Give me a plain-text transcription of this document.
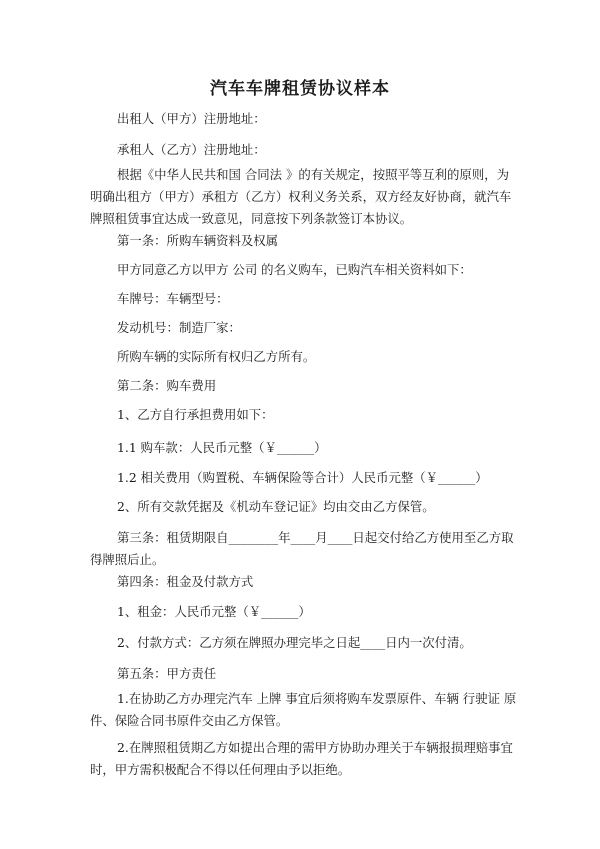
汽车车牌租赁协议样本
出租人（甲方）注册地址：
承租人（乙方）注册地址：
根据《中华人民共和国 合同法 》的有关规定，按照平等互利的原则，为明确出租方（甲方）承租方（乙方）权利义务关系，双方经友好协商，就汽车牌照租赁事宜达成一致意见，同意按下列条款签订本协议。
第一条：所购车辆资料及权属
甲方同意乙方以甲方 公司 的名义购车，已购汽车相关资料如下：
车牌号：车辆型号：
发动机号：制造厂家：
所购车辆的实际所有权归乙方所有。
第二条：购车费用
1、乙方自行承担费用如下：
1.1 购车款：人民币元整（￥______）
1.2 相关费用（购置税、车辆保险等合计）人民币元整（￥______）
2、所有交款凭据及《机动车登记证》均由交由乙方保管。
第三条：租赁期限自________年____月____日起交付给乙方使用至乙方取得牌照后止。
第四条：租金及付款方式
1、租金：人民币元整（￥______）
2、付款方式：乙方须在牌照办理完毕之日起____日内一次付清。
第五条：甲方责任
1.在协助乙方办理完汽车 上牌 事宜后须将购车发票原件、车辆 行驶证 原件、保险合同书原件交由乙方保管。
2.在牌照租赁期乙方如提出合理的需甲方协助办理关于车辆报损理赔事宜时，甲方需积极配合不得以任何理由予以拒绝。
